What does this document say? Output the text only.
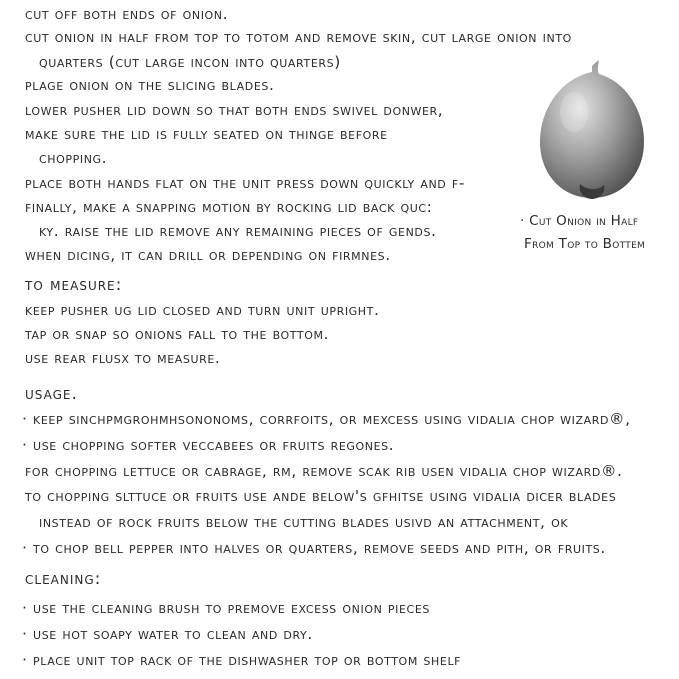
cut off both ends of onion.
cut onion in half from top to totom and remove skin, cut large onion into
quarters (cut large incon into quarters)
plage onion on the slicing blades.
lower pusher lid down so that both ends swivel donwer,
make sure the lid is fully seated on thinge before
chopping.
place both hands flat on the unit press down quickly and f-
finally, make a snapping motion by rocking lid back quc:
ky. raise the lid remove any remaining pieces of gends.
when dicing, it can drill or depending on firmnes.
to measure:
keep pusher ug lid closed and turn unit upright.
tap or snap so onions fall to the bottom.
use rear flusx to measure.
usage.
· keep sinchpmgrohmhsononoms, corrfoits, or mexcess using vidalia chop wizard®,
· use chopping softer veccabees or fruits regones.
for chopping lettuce or cabrage, rm, remove scak rib usen vidalia chop wizard®.
to chopping slttuce or fruits use ande below's gfhitse using vidalia dicer blades
instead of rock fruits below the cutting blades usivd an attachment, ok
· to chop bell pepper into halves or quarters, remove seeds and pith, or fruits.
cleaning:
· use the cleaning brush to premove excess onion pieces
· use hot soapy water to clean and dry.
· place unit top rack of the dishwasher top or bottom shelf
· Cut Onion in Half
From Top to Bottem
